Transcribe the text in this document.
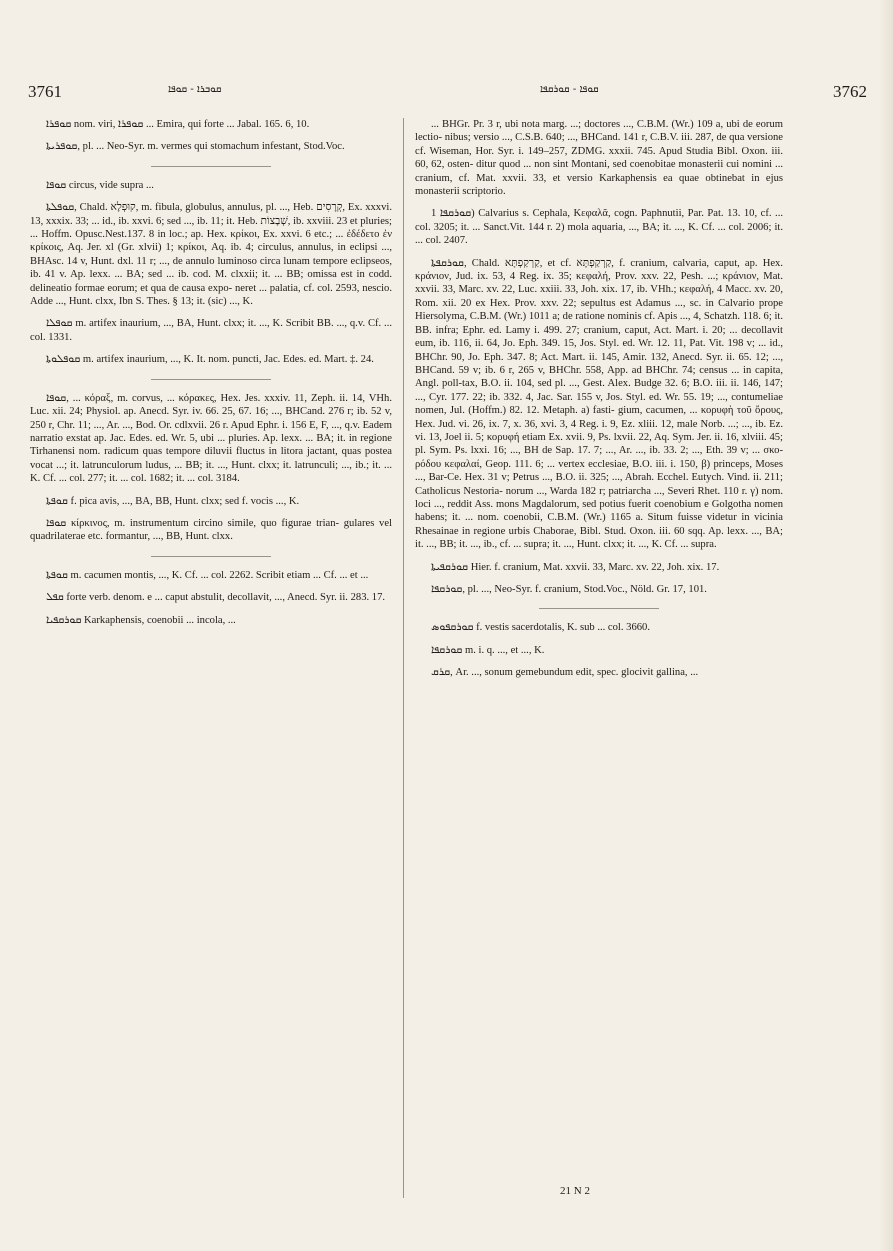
3761	ܩܘܒܪܐ - ܩܘܦܐ	ܩܘܦܐ - ܩܘܪܩܦܐ	3762

ܩܘܦܪܐ nom. viri, ܩܘܦܪܐ ... Emira, qui forte ... Jabal. 165. 6, 10.

ܩܘܦܪܝܬܐ, pl. ... Neo-Syr. m. vermes qui stomachum infestant, Stod.Voc.

ܩܘܦܐ circus, vide supra ...

ܩܘܦܠܬܐ, Chald. קוּפְלָא, m. fibula, globulus, annulus, pl. ..., Heb. קְרָסִים, Ex. xxxvi. 13, xxxix. 33; ... id., ib. xxvi. 6; sed ..., ib. 11; it. Heb. שְׁבָצוֹת, ib. xxviii. 23 et pluries; ... Hoffm. Opusc.Nest.137. 8 in loc.; ap. Hex. κρίκοι, Ex. xxvi. 6 etc.; ... ἐδέδετο ἐν κρίκοις, Aq. Jer. xl (Gr. xlvii) 1; κρίκοι, Aq. ib. 4; circulus, annulus, in eclipsi ..., BHAsc. 14 v, Hunt. dxl. 11 r; ..., de annulo luminoso circa lunam tempore eclipseos, ib. 41 v. Ap. lexx. ... BA; sed ... ib. cod. M. clxxii; it. ... BB; omissa est in codd. delineatio formae eorum; et qua de causa expo- neret ... palatia, cf. col. 2593, nescio. Adde ..., Hunt. clxx, Ibn S. Thes. § 13; it. (sic) ..., K.

ܩܘܦܠܐ m. artifex inaurium, ..., BA, Hunt. clxx; it. ..., K. Scribit BB. ..., q.v. Cf. ... col. 1331.

ܩܘܦܠܘܬܐ m. artifex inaurium, ..., K. It. nom. puncti, Jac. Edes. ed. Mart. ‡. 24.

ܩܘܦܐ, ... κόραξ, m. corvus, ... κόρακες, Hex. Jes. xxxiv. 11, Zeph. ii. 14, VHh. Luc. xii. 24; Physiol. ap. Anecd. Syr. iv. 66. 25, 67. 16; ..., BHCand. 276 r; ib. 52 v, 250 r, Chr. 11; ..., Ar. ..., Bod. Or. cdlxvii. 26 r. Apud Ephr. i. 156 E, F, ..., q.v. Eadem narratio exstat ap. Jac. Edes. ed. Wr. 5, ubi ... pluries. Ap. lexx. ... BA; it. in regione Tirhanensi nom. radicum quas tempore diluvii fluctus in litora jactant, quas postea vocat ...; it. latrunculorum ludus, ... BB; it. ..., Hunt. clxx; it. latrunculi; ..., ib.; it. ... K. Cf. ... col. 277; it. ... col. 1682; it. ... col. 3184.

ܩܘܦܬܐ f. pica avis, ..., BA, BB, Hunt. clxx; sed f. vocis ..., K.

ܩܘܦܐ κίρκινος, m. instrumentum circino simile, quo figurae trian- gulares vel quadrilaterae etc. formantur, ..., BB, Hunt. clxx.

ܩܘܦܬܐ m. cacumen montis, ..., K. Cf. ... col. 2262. Scribit etiam ... Cf. ... et ...

ܩܦܠ forte verb. denom. e ... caput abstulit, decollavit, ..., Anecd. Syr. ii. 283. 17.

ܩܘܪܩܦܝܐ Karkaphensis, coenobii ... incola, ...

... BHGr. Pr. 3 r, ubi nota marg. ...; doctores ..., C.B.M. (Wr.) 109 a, ubi de eorum lectio- nibus; versio ..., C.S.B. 640; ..., BHCand. 141 r, C.B.V. iii. 287, de qua versione cf. Wiseman, Hor. Syr. i. 149–257, ZDMG. xxxii. 745. Apud Studia Bibl. Oxon. iii. 60, 62, osten- ditur quod ... non sint Montani, sed coenobitae monasterii cui nomini ... cranium, cf. Mat. xxvii. 33, et versio Karkaphensis ea quae obtinebat in ejus monasterii scriptorio.

ܩܘܪܩܦܐ 1) Calvarius s. Cephala, Κεφαλᾶ, cogn. Paphnutii, Par. Pat. 13. 10, cf. ... col. 3205; it. ... Sanct.Vit. 144 r. 2) mola aquaria, ..., BA; it. ..., K. Cf. ... col. 2006; it. ... col. 2407.

ܩܘܪܩܦܬܐ, Chald. קַרְקַפְתָּא, et cf. קַרְקַפְתָּא, f. cranium, calvaria, caput, ap. Hex. κράνιον, Jud. ix. 53, 4 Reg. ix. 35; κεφαλή, Prov. xxv. 22, Pesh. ...; κράνιον, Mat. xxvii. 33, Marc. xv. 22, Luc. xxiii. 33, Joh. xix. 17, ib. VHh.; κεφαλή, 4 Macc. xv. 20, Rom. xii. 20 ex Hex. Prov. xxv. 22; sepultus est Adamus ..., sc. in Calvario prope Hiersolyma, C.B.M. (Wr.) 1011 a; de ratione nominis cf. Apis ..., 4, Schatzh. 118. 6; it. BB. infra; Ephr. ed. Lamy i. 499. 27; cranium, caput, Act. Mart. i. 20; ... decollavit eum, ib. 116, ii. 64, Jo. Eph. 349. 15, Jos. Styl. ed. Wr. 12. 11, Pat. Vit. 198 v; ... id., BHChr. 90, Jo. Eph. 347. 8; Act. Mart. ii. 145, Amir. 132, Anecd. Syr. ii. 65. 12; ..., BHCand. 59 v; ib. 6 r, 265 v, BHChr. 558, App. ad BHChr. 74; census ... in capita, Angl. poll-tax, B.O. ii. 104, sed pl. ..., Gest. Alex. Budge 32. 6; B.O. iii. ii. 146, 147; ..., Cyr. 177. 22; ib. 332. 4, Jac. Sar. 155 v, Jos. Styl. ed. Wr. 55. 19; ..., contumeliae nomen, Jul. (Hoffm.) 82. 12. Metaph. a) fasti- gium, cacumen, ... κορυφὴ τοῦ ὄρους, Hex. Jud. vi. 26, ix. 7, x. 36, xvi. 3, 4 Reg. i. 9, Ez. xliii. 12, male Norb. ...; ..., ib. Ez. vi. 13, Joel ii. 5; κορυφή etiam Ex. xvii. 9, Ps. lxvii. 22, Aq. Sym. Jer. ii. 16, xlviii. 45; pl. Sym. Ps. lxxi. 16; ..., BH de Sap. 17. 7; ..., Ar. ..., ib. 33. 2; ..., Eth. 39 v; ... σκο- ρόδου κεφαλαί, Geop. 111. 6; ... vertex ecclesiae, B.O. iii. i. 150, β) princeps, Moses ..., Bar-Ce. Hex. 31 v; Petrus ..., B.O. ii. 325; ..., Abrah. Ecchel. Eutych. Vind. ii. 211; Catholicus Nestoria- norum ..., Warda 182 r; patriarcha ..., Severi Rhet. 110 r. γ) nom. loci ..., reddit Ass. mons Magdalorum, sed potius fuerit coenobium e Golgotha nomen habens; it. ... nom. coenobii, C.B.M. (Wr.) 1165 a. Situm fuisse videtur in vicinia Rhesainae in regione urbis Chaborae, Bibl. Stud. Oxon. iii. 60 sqq. Ap. lexx. ..., BA; it. ..., BB; it. ..., ib., cf. ... supra; it. ..., Hunt. clxx; it. ..., K. Cf. ... supra.

ܩܘܪܩܦܝܬܐ Hier. f. cranium, Mat. xxvii. 33, Marc. xv. 22, Joh. xix. 17.

ܩܘܪܩܦܐ, pl. ..., Neo-Syr. f. cranium, Stod.Voc., Nöld. Gr. 17, 101.

ܩܘܪܩܦܘܣ f. vestis sacerdotalis, K. sub ... col. 3660.

ܩܘܪܩܦܐ m. i. q. ..., et ..., K.

ܩܪܩ, Ar. ..., sonum gemebundum edit, spec. glocivit gallina, ...

21 N 2
